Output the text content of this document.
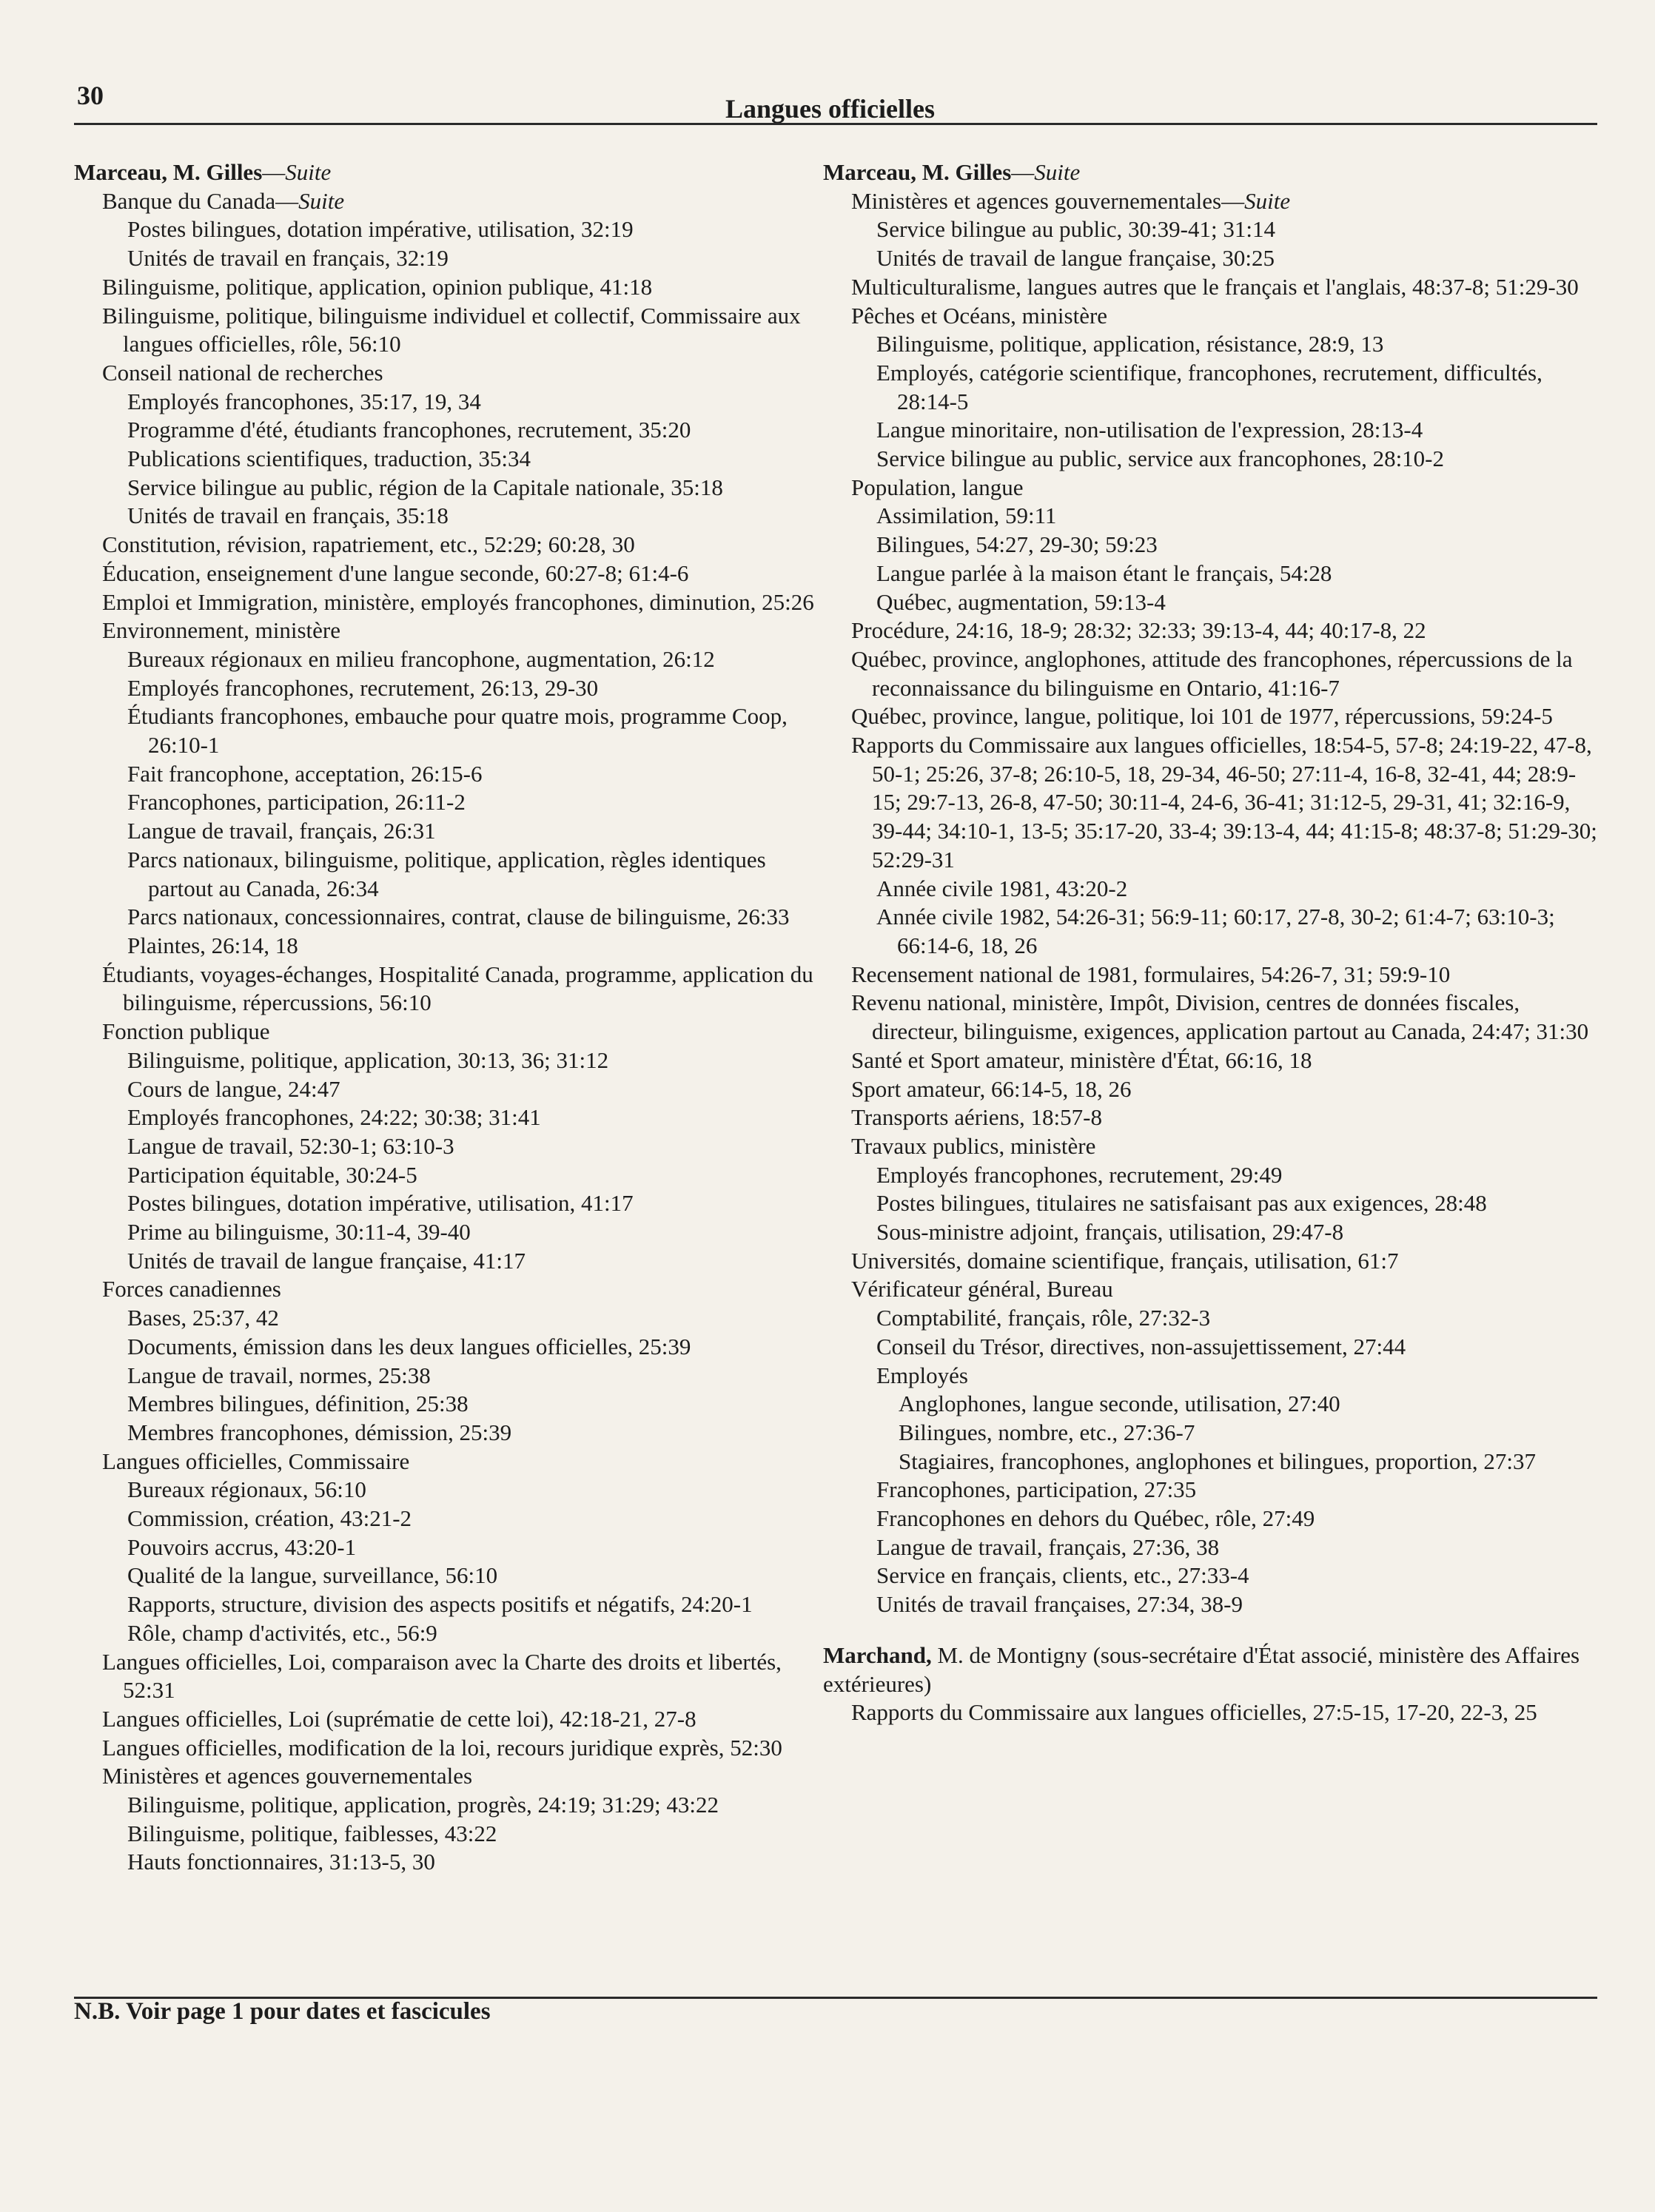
30	Langues officielles
Marceau, M. Gilles—Suite
Banque du Canada—Suite
Postes bilingues, dotation impérative, utilisation, 32:19
Unités de travail en français, 32:19
Bilinguisme, politique, application, opinion publique, 41:18
Bilinguisme, politique, bilinguisme individuel et collectif, Commissaire aux langues officielles, rôle, 56:10
Conseil national de recherches
Employés francophones, 35:17, 19, 34
Programme d'été, étudiants francophones, recrutement, 35:20
Publications scientifiques, traduction, 35:34
Service bilingue au public, région de la Capitale nationale, 35:18
Unités de travail en français, 35:18
Constitution, révision, rapatriement, etc., 52:29; 60:28, 30
Éducation, enseignement d'une langue seconde, 60:27-8; 61:4-6
Emploi et Immigration, ministère, employés francophones, diminution, 25:26
Environnement, ministère
Bureaux régionaux en milieu francophone, augmentation, 26:12
Employés francophones, recrutement, 26:13, 29-30
Étudiants francophones, embauche pour quatre mois, programme Coop, 26:10-1
Fait francophone, acceptation, 26:15-6
Francophones, participation, 26:11-2
Langue de travail, français, 26:31
Parcs nationaux, bilinguisme, politique, application, règles identiques partout au Canada, 26:34
Parcs nationaux, concessionnaires, contrat, clause de bilinguisme, 26:33
Plaintes, 26:14, 18
Étudiants, voyages-échanges, Hospitalité Canada, programme, application du bilinguisme, répercussions, 56:10
Fonction publique
Bilinguisme, politique, application, 30:13, 36; 31:12
Cours de langue, 24:47
Employés francophones, 24:22; 30:38; 31:41
Langue de travail, 52:30-1; 63:10-3
Participation équitable, 30:24-5
Postes bilingues, dotation impérative, utilisation, 41:17
Prime au bilinguisme, 30:11-4, 39-40
Unités de travail de langue française, 41:17
Forces canadiennes
Bases, 25:37, 42
Documents, émission dans les deux langues officielles, 25:39
Langue de travail, normes, 25:38
Membres bilingues, définition, 25:38
Membres francophones, démission, 25:39
Langues officielles, Commissaire
Bureaux régionaux, 56:10
Commission, création, 43:21-2
Pouvoirs accrus, 43:20-1
Qualité de la langue, surveillance, 56:10
Rapports, structure, division des aspects positifs et négatifs, 24:20-1
Rôle, champ d'activités, etc., 56:9
Langues officielles, Loi, comparaison avec la Charte des droits et libertés, 52:31
Langues officielles, Loi (suprématie de cette loi), 42:18-21, 27-8
Langues officielles, modification de la loi, recours juridique exprès, 52:30
Ministères et agences gouvernementales
Bilinguisme, politique, application, progrès, 24:19; 31:29; 43:22
Bilinguisme, politique, faiblesses, 43:22
Hauts fonctionnaires, 31:13-5, 30
Marceau, M. Gilles—Suite
Ministères et agences gouvernementales—Suite
Service bilingue au public, 30:39-41; 31:14
Unités de travail de langue française, 30:25
Multiculturalisme, langues autres que le français et l'anglais, 48:37-8; 51:29-30
Pêches et Océans, ministère
Bilinguisme, politique, application, résistance, 28:9, 13
Employés, catégorie scientifique, francophones, recrutement, difficultés, 28:14-5
Langue minoritaire, non-utilisation de l'expression, 28:13-4
Service bilingue au public, service aux francophones, 28:10-2
Population, langue
Assimilation, 59:11
Bilingues, 54:27, 29-30; 59:23
Langue parlée à la maison étant le français, 54:28
Québec, augmentation, 59:13-4
Procédure, 24:16, 18-9; 28:32; 32:33; 39:13-4, 44; 40:17-8, 22
Québec, province, anglophones, attitude des francophones, répercussions de la reconnaissance du bilinguisme en Ontario, 41:16-7
Québec, province, langue, politique, loi 101 de 1977, répercussions, 59:24-5
Rapports du Commissaire aux langues officielles, 18:54-5, 57-8; 24:19-22, 47-8, 50-1; 25:26, 37-8; 26:10-5, 18, 29-34, 46-50; 27:11-4, 16-8, 32-41, 44; 28:9-15; 29:7-13, 26-8, 47-50; 30:11-4, 24-6, 36-41; 31:12-5, 29-31, 41; 32:16-9, 39-44; 34:10-1, 13-5; 35:17-20, 33-4; 39:13-4, 44; 41:15-8; 48:37-8; 51:29-30; 52:29-31
Année civile 1981, 43:20-2
Année civile 1982, 54:26-31; 56:9-11; 60:17, 27-8, 30-2; 61:4-7; 63:10-3; 66:14-6, 18, 26
Recensement national de 1981, formulaires, 54:26-7, 31; 59:9-10
Revenu national, ministère, Impôt, Division, centres de données fiscales, directeur, bilinguisme, exigences, application partout au Canada, 24:47; 31:30
Santé et Sport amateur, ministère d'État, 66:16, 18
Sport amateur, 66:14-5, 18, 26
Transports aériens, 18:57-8
Travaux publics, ministère
Employés francophones, recrutement, 29:49
Postes bilingues, titulaires ne satisfaisant pas aux exigences, 28:48
Sous-ministre adjoint, français, utilisation, 29:47-8
Universités, domaine scientifique, français, utilisation, 61:7
Vérificateur général, Bureau
Comptabilité, français, rôle, 27:32-3
Conseil du Trésor, directives, non-assujettissement, 27:44
Employés
Anglophones, langue seconde, utilisation, 27:40
Bilingues, nombre, etc., 27:36-7
Stagiaires, francophones, anglophones et bilingues, proportion, 27:37
Francophones, participation, 27:35
Francophones en dehors du Québec, rôle, 27:49
Langue de travail, français, 27:36, 38
Service en français, clients, etc., 27:33-4
Unités de travail françaises, 27:34, 38-9
Marchand, M. de Montigny (sous-secrétaire d'État associé, ministère des Affaires extérieures)
Rapports du Commissaire aux langues officielles, 27:5-15, 17-20, 22-3, 25
N.B. Voir page 1 pour dates et fascicules
